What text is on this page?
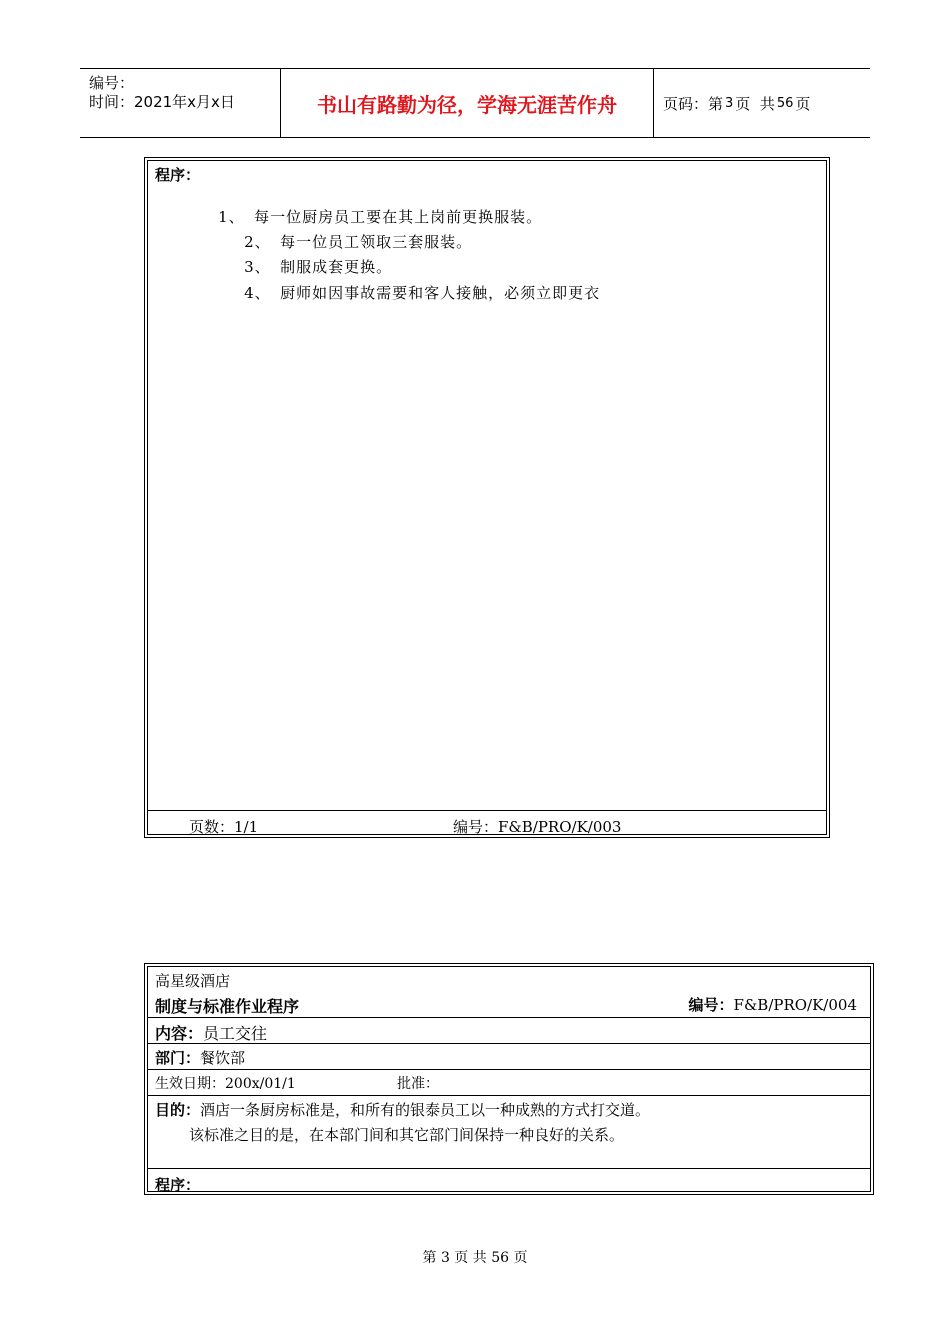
编号：
时间：2021年x月x日	书山有路勤为径，学海无涯苦作舟	页码：第 3 页  共 56 页
程序：

1、 每一位厨房员工要在其上岗前更换服装。

2、 每一位员工领取三套服装。

3、 制服成套更换。

4、 厨师如因事故需要和客人接触，必须立即更衣

页数：1/1	编号：F&B/PRO/K/003
高星级酒店
制度与标准作业程序	编号：F&B/PRO/K/004
内容：员工交往
部门：餐饮部
生效日期：200x/01/1	批准：
目的：酒店一条厨房标准是，和所有的银泰员工以一种成熟的方式打交道。
该标准之目的是，在本部门间和其它部门间保持一种良好的关系。
程序：
第 3 页 共 56 页
